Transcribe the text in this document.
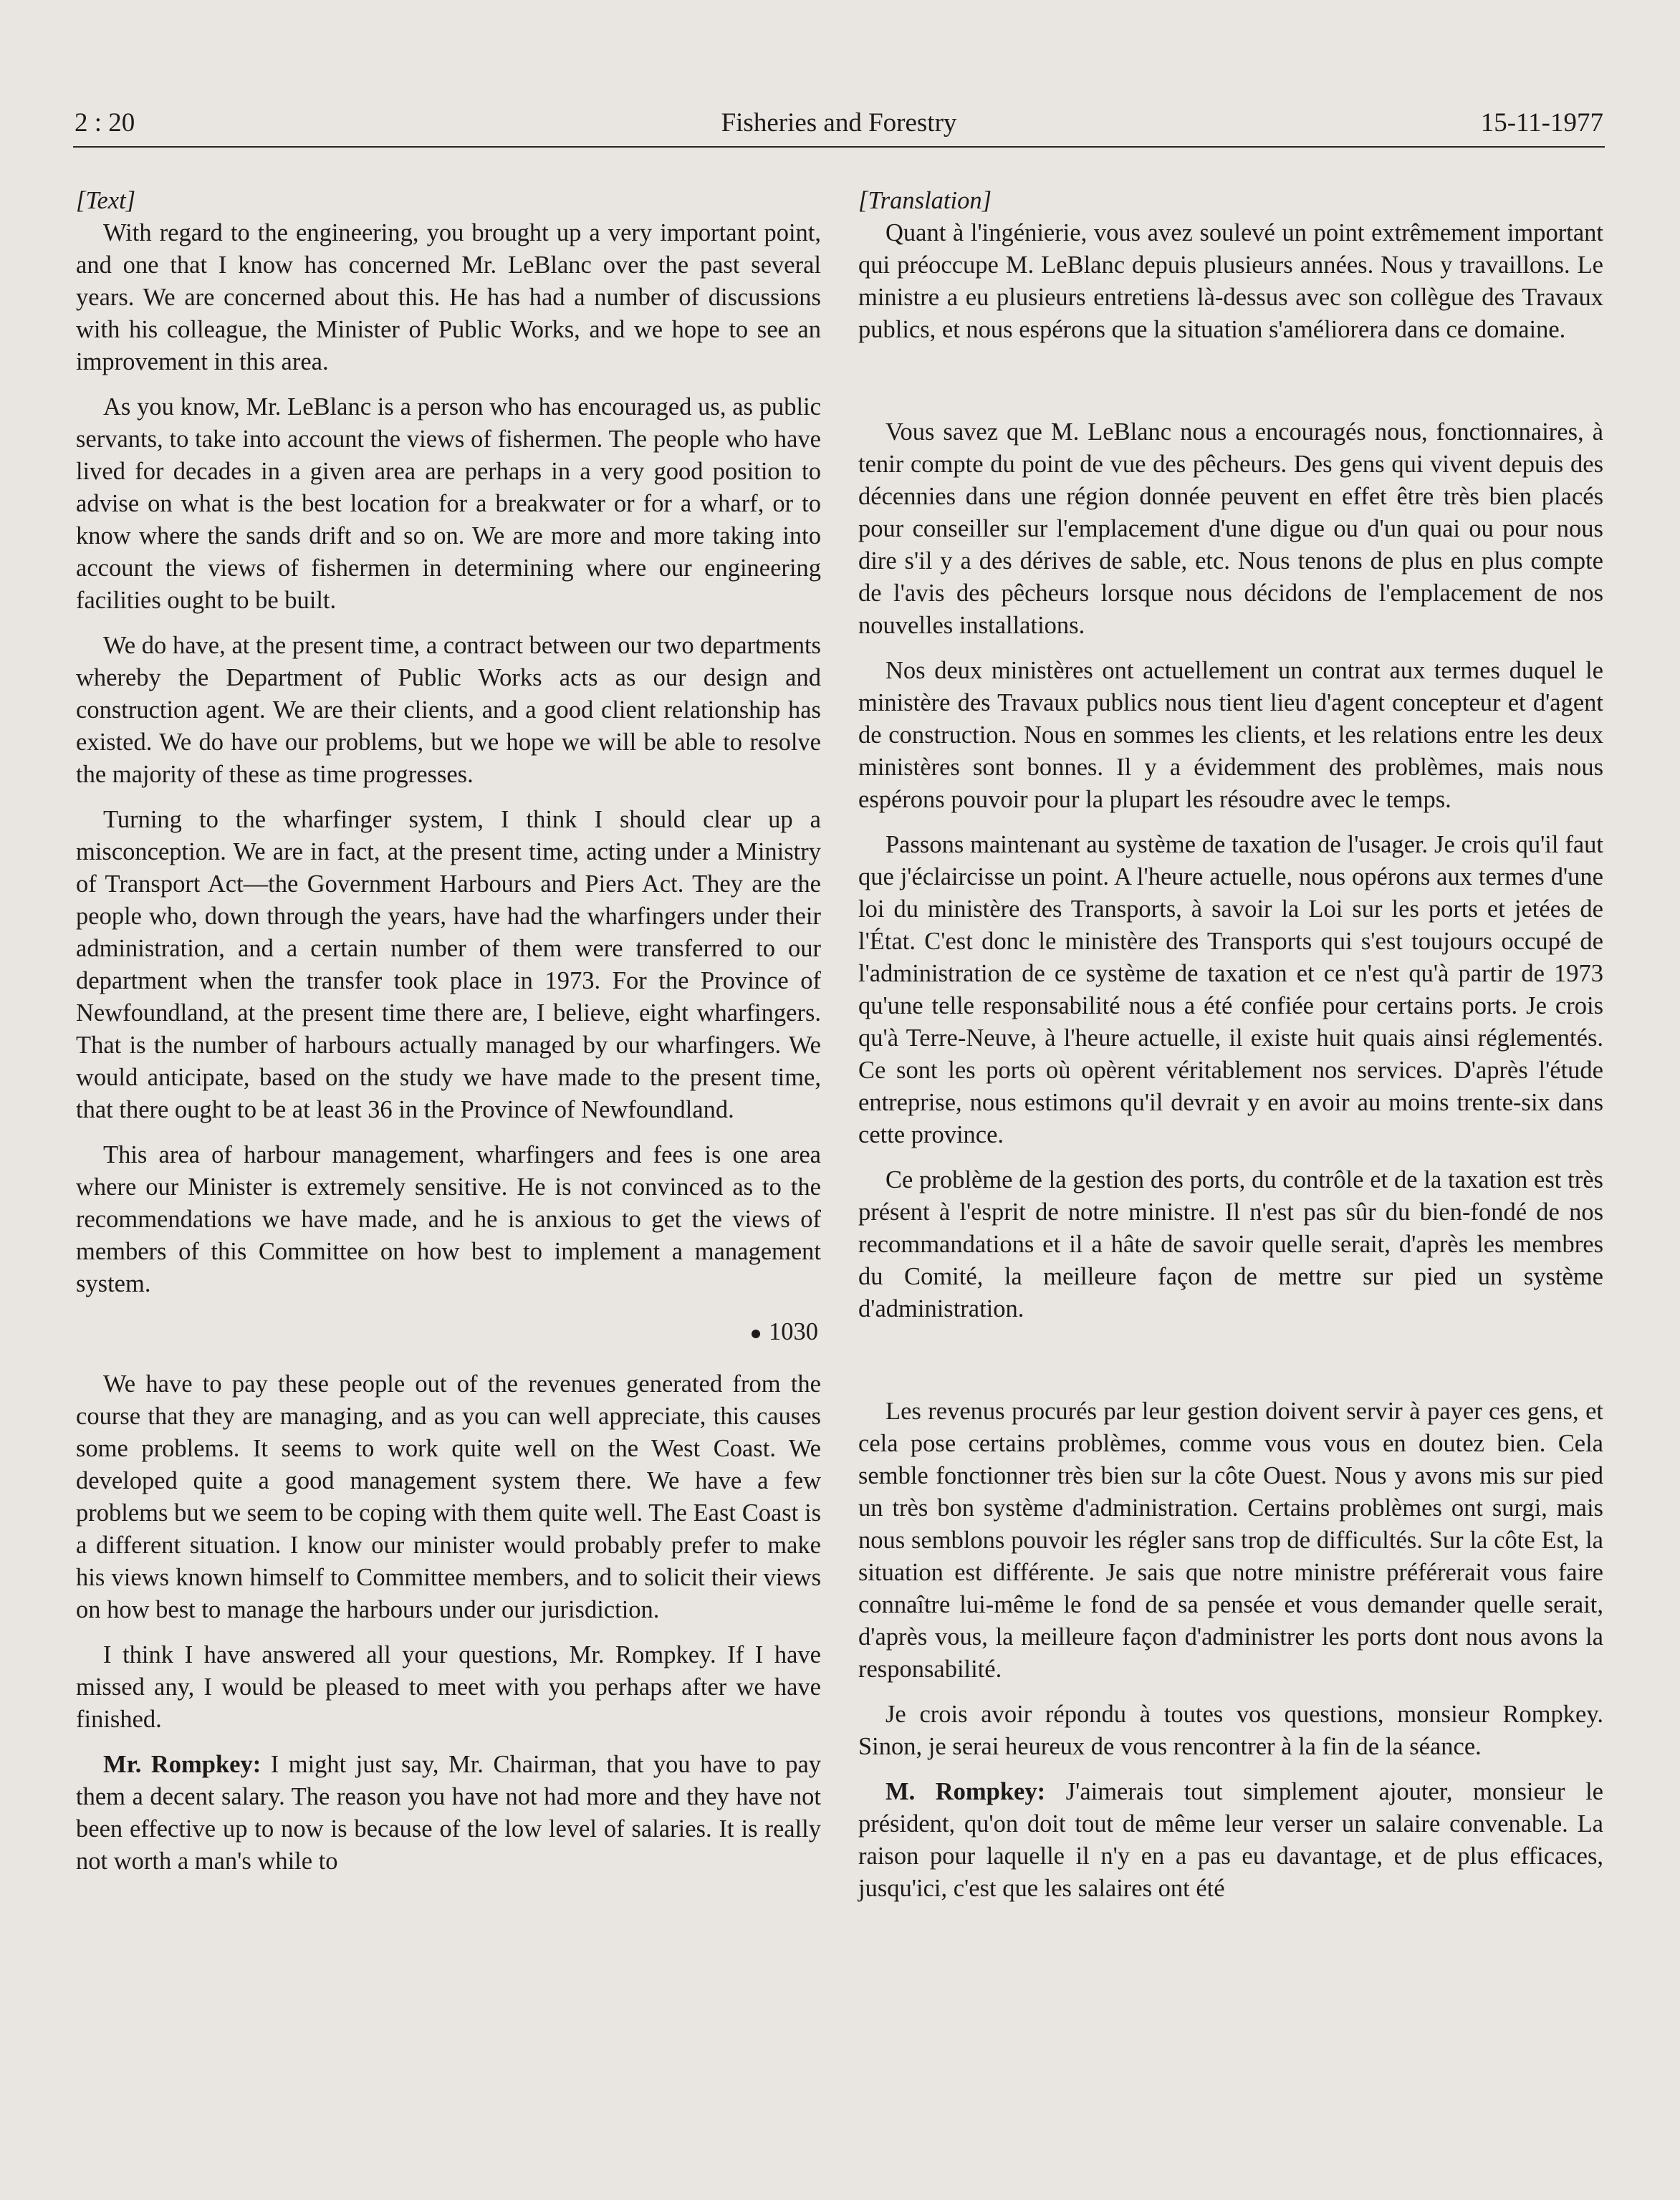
2 : 20	Fisheries and Forestry	15-11-1977

[Text]

With regard to the engineering, you brought up a very important point, and one that I know has concerned Mr. LeBlanc over the past several years. We are concerned about this. He has had a number of discussions with his colleague, the Minister of Public Works, and we hope to see an improvement in this area.

As you know, Mr. LeBlanc is a person who has encouraged us, as public servants, to take into account the views of fishermen. The people who have lived for decades in a given area are perhaps in a very good position to advise on what is the best location for a breakwater or for a wharf, or to know where the sands drift and so on. We are more and more taking into account the views of fishermen in determining where our engineering facilities ought to be built.

We do have, at the present time, a contract between our two departments whereby the Department of Public Works acts as our design and construction agent. We are their clients, and a good client relationship has existed. We do have our problems, but we hope we will be able to resolve the majority of these as time progresses.

Turning to the wharfinger system, I think I should clear up a misconception. We are in fact, at the present time, acting under a Ministry of Transport Act—the Government Harbours and Piers Act. They are the people who, down through the years, have had the wharfingers under their administration, and a certain number of them were transferred to our department when the transfer took place in 1973. For the Province of Newfoundland, at the present time there are, I believe, eight wharfingers. That is the number of harbours actually managed by our wharfingers. We would anticipate, based on the study we have made to the present time, that there ought to be at least 36 in the Province of Newfoundland.

This area of harbour management, wharfingers and fees is one area where our Minister is extremely sensitive. He is not convinced as to the recommendations we have made, and he is anxious to get the views of members of this Committee on how best to implement a management system.

1030

We have to pay these people out of the revenues generated from the course that they are managing, and as you can well appreciate, this causes some problems. It seems to work quite well on the West Coast. We developed quite a good management system there. We have a few problems but we seem to be coping with them quite well. The East Coast is a different situation. I know our minister would probably prefer to make his views known himself to Committee members, and to solicit their views on how best to manage the harbours under our jurisdiction.

I think I have answered all your questions, Mr. Rompkey. If I have missed any, I would be pleased to meet with you perhaps after we have finished.

Mr. Rompkey: I might just say, Mr. Chairman, that you have to pay them a decent salary. The reason you have not had more and they have not been effective up to now is because of the low level of salaries. It is really not worth a man's while to

[Translation]

Quant à l'ingénierie, vous avez soulevé un point extrêmement important qui préoccupe M. LeBlanc depuis plusieurs années. Nous y travaillons. Le ministre a eu plusieurs entretiens là-dessus avec son collègue des Travaux publics, et nous espérons que la situation s'améliorera dans ce domaine.

Vous savez que M. LeBlanc nous a encouragés nous, fonctionnaires, à tenir compte du point de vue des pêcheurs. Des gens qui vivent depuis des décennies dans une région donnée peuvent en effet être très bien placés pour conseiller sur l'emplacement d'une digue ou d'un quai ou pour nous dire s'il y a des dérives de sable, etc. Nous tenons de plus en plus compte de l'avis des pêcheurs lorsque nous décidons de l'emplacement de nos nouvelles installations.

Nos deux ministères ont actuellement un contrat aux termes duquel le ministère des Travaux publics nous tient lieu d'agent concepteur et d'agent de construction. Nous en sommes les clients, et les relations entre les deux ministères sont bonnes. Il y a évidemment des problèmes, mais nous espérons pouvoir pour la plupart les résoudre avec le temps.

Passons maintenant au système de taxation de l'usager. Je crois qu'il faut que j'éclaircisse un point. A l'heure actuelle, nous opérons aux termes d'une loi du ministère des Transports, à savoir la Loi sur les ports et jetées de l'État. C'est donc le ministère des Transports qui s'est toujours occupé de l'administration de ce système de taxation et ce n'est qu'à partir de 1973 qu'une telle responsabilité nous a été confiée pour certains ports. Je crois qu'à Terre-Neuve, à l'heure actuelle, il existe huit quais ainsi réglementés. Ce sont les ports où opèrent véritablement nos services. D'après l'étude entreprise, nous estimons qu'il devrait y en avoir au moins trente-six dans cette province.

Ce problème de la gestion des ports, du contrôle et de la taxation est très présent à l'esprit de notre ministre. Il n'est pas sûr du bien-fondé de nos recommandations et il a hâte de savoir quelle serait, d'après les membres du Comité, la meilleure façon de mettre sur pied un système d'administration.

Les revenus procurés par leur gestion doivent servir à payer ces gens, et cela pose certains problèmes, comme vous vous en doutez bien. Cela semble fonctionner très bien sur la côte Ouest. Nous y avons mis sur pied un très bon système d'administration. Certains problèmes ont surgi, mais nous semblons pouvoir les régler sans trop de difficultés. Sur la côte Est, la situation est différente. Je sais que notre ministre préférerait vous faire connaître lui-même le fond de sa pensée et vous demander quelle serait, d'après vous, la meilleure façon d'administrer les ports dont nous avons la responsabilité.

Je crois avoir répondu à toutes vos questions, monsieur Rompkey. Sinon, je serai heureux de vous rencontrer à la fin de la séance.

M. Rompkey: J'aimerais tout simplement ajouter, monsieur le président, qu'on doit tout de même leur verser un salaire convenable. La raison pour laquelle il n'y en a pas eu davantage, et de plus efficaces, jusqu'ici, c'est que les salaires ont été
